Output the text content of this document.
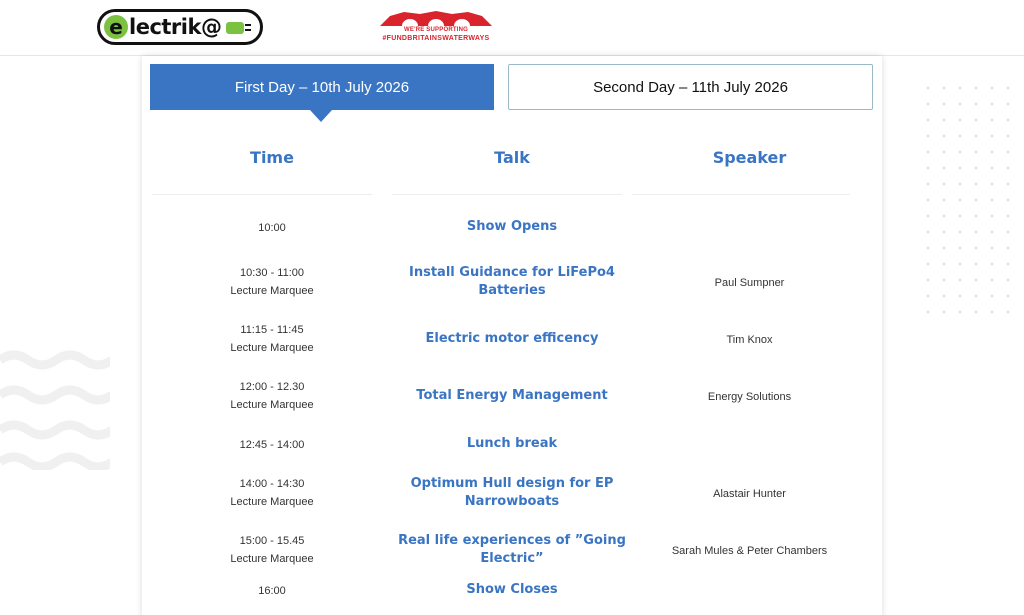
e lectrik@	WE'RE SUPPORTING
#FUNDBRITAINSWATERWAYS
First Day – 10th July 2026	Second Day – 11th July 2026
Time	Talk	Speaker
10:00	Show Opens
10:30 - 11:00
Lecture Marquee
Install Guidance for LiFePo4 Batteries	Paul Sumpner
11:15 - 11:45
Lecture Marquee
Electric motor efficency	Tim Knox
12:00 - 12.30
Lecture Marquee
Total Energy Management	Energy Solutions
12:45 - 14:00	Lunch break
14:00 - 14:30
Lecture Marquee
Optimum Hull design for EP Narrowboats	Alastair Hunter
15:00 - 15.45
Lecture Marquee
Real life experiences of ”Going Electric”	Sarah Mules & Peter Chambers
16:00	Show Closes
